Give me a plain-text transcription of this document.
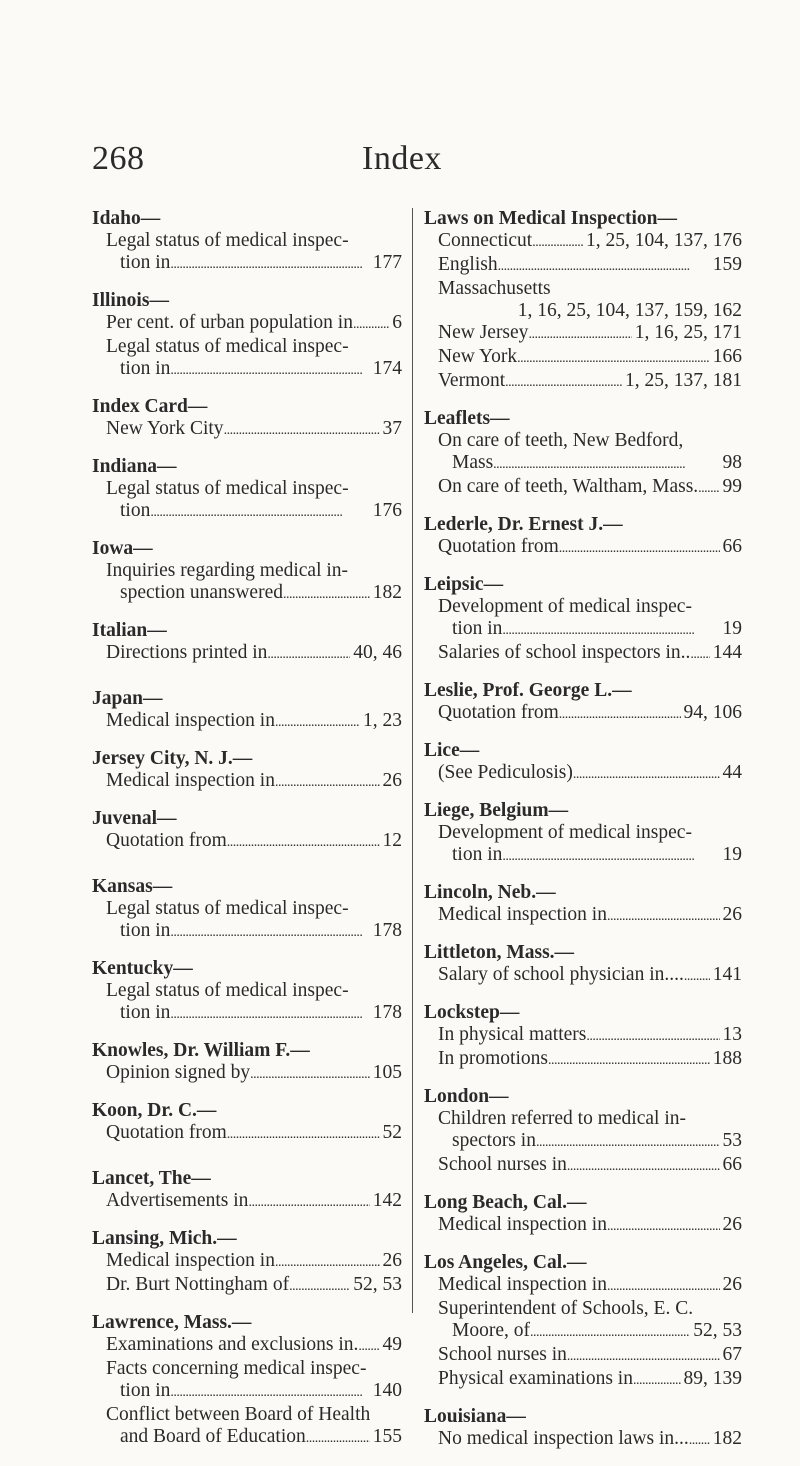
268	Index
Idaho—
Legal status of medical inspec-
tion in . . .	177
Illinois—
Per cent. of urban population in . . . 6
Legal status of medical inspec-
tion in . . .	174
Index Card—
New York City . . .	37
Indiana—
Legal status of medical inspec-
tion . . .	176
Iowa—
Inquiries regarding medical in-
spection unanswered . . .	182
Italian—
Directions printed in . . .	40, 46
Japan—
Medical inspection in . . .	1, 23
Jersey City, N. J.—
Medical inspection in . . .	26
Juvenal—
Quotation from . . .	12
Kansas—
Legal status of medical inspec-
tion in . . .	178
Kentucky—
Legal status of medical inspec-
tion in . . .	178
Knowles, Dr. William F.—
Opinion signed by . . .	105
Koon, Dr. C.—
Quotation from . . .	52
Lancet, The—
Advertisements in . . .	142
Lansing, Mich.—
Medical inspection in . . .	26
Dr. Burt Nottingham of . . .	52, 53
Lawrence, Mass.—
Examinations and exclusions in. . . . 49
Facts concerning medical inspec-
tion in . . .	140
Conflict between Board of Health
and Board of Education . . .	155
Laws on Medical Inspection—
Connecticut . . .	1, 25, 104, 137, 176
English . . .	159
Massachusetts
1, 16, 25, 104, 137, 159, 162
New Jersey . . .	1, 16, 25, 171
New York . . .	166
Vermont . . .	1, 25, 137, 181
Leaflets—
On care of teeth, New Bedford,
Mass . . .	98
On care of teeth, Waltham, Mass. . . . 99
Lederle, Dr. Ernest J.—
Quotation from . . .	66
Leipsic—
Development of medical inspec-
tion in . . .	19
Salaries of school inspectors in.. . . . 144
Leslie, Prof. George L.—
Quotation from . . .	94, 106
Lice—
(See Pediculosis) . . .	44
Liege, Belgium—
Development of medical inspec-
tion in . . .	19
Lincoln, Neb.—
Medical inspection in . . .	26
Littleton, Mass.—
Salary of school physician in.... . . . 141
Lockstep—
In physical matters . . .	13
In promotions . . .	188
London—
Children referred to medical in-
spectors in . . .	53
School nurses in . . .	66
Long Beach, Cal.—
Medical inspection in . . .	26
Los Angeles, Cal.—
Medical inspection in . . .	26
Superintendent of Schools, E. C.
Moore, of . . .	52, 53
School nurses in . . .	67
Physical examinations in . . .	89, 139
Louisiana—
No medical inspection laws in... . . . 182
